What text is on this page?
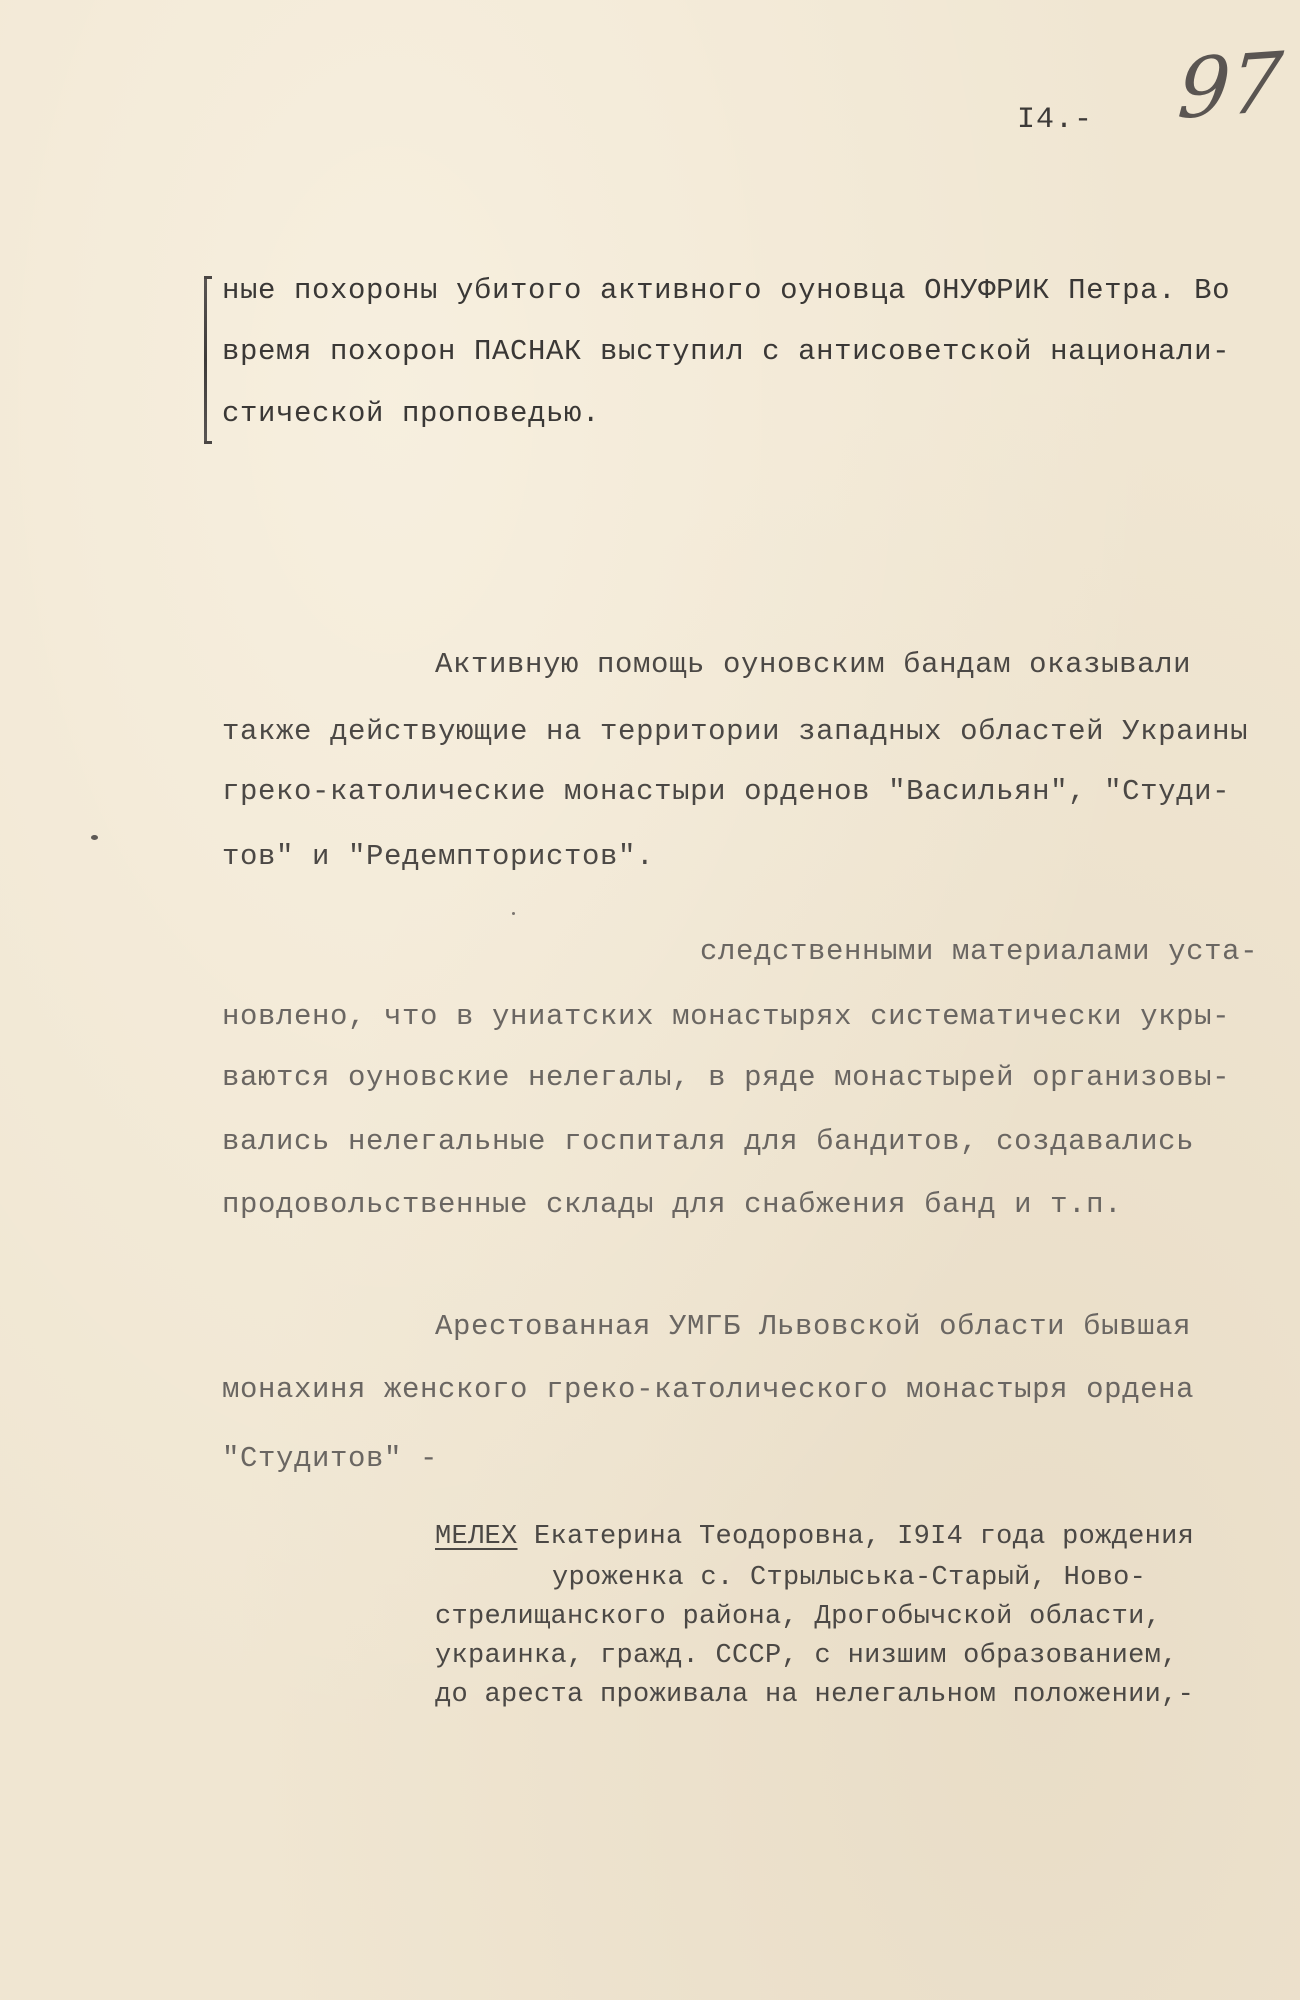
97
I4.-
ные похороны убитого активного оуновца ОНУФРИК Петра. Во
время похорон ПАСНАК выступил с антисоветской национали-
стической проповедью.
Активную помощь оуновским бандам оказывали
также действующие на территории западных областей Украины
греко-католические монастыри орденов "Васильян", "Студи-
тов" и "Редемптористов".
следственными материалами уста-
новлено, что в униатских монастырях систематически укры-
ваются оуновские нелегалы, в ряде монастырей организовы-
вались нелегальные госпиталя для бандитов, создавались
продовольственные склады для снабжения банд и т.п.
Арестованная УМГБ Львовской области бывшая
монахиня женского греко-католического монастыря ордена
"Студитов" -
МЕЛЕХ Екатерина Теодоровна, I9I4 года рождения
уроженка с. Стрылыська-Старый, Ново-
стрелищанского района, Дрогобычской области,
украинка, гражд. СССР, с низшим образованием,
до ареста проживала на нелегальном положении,-
